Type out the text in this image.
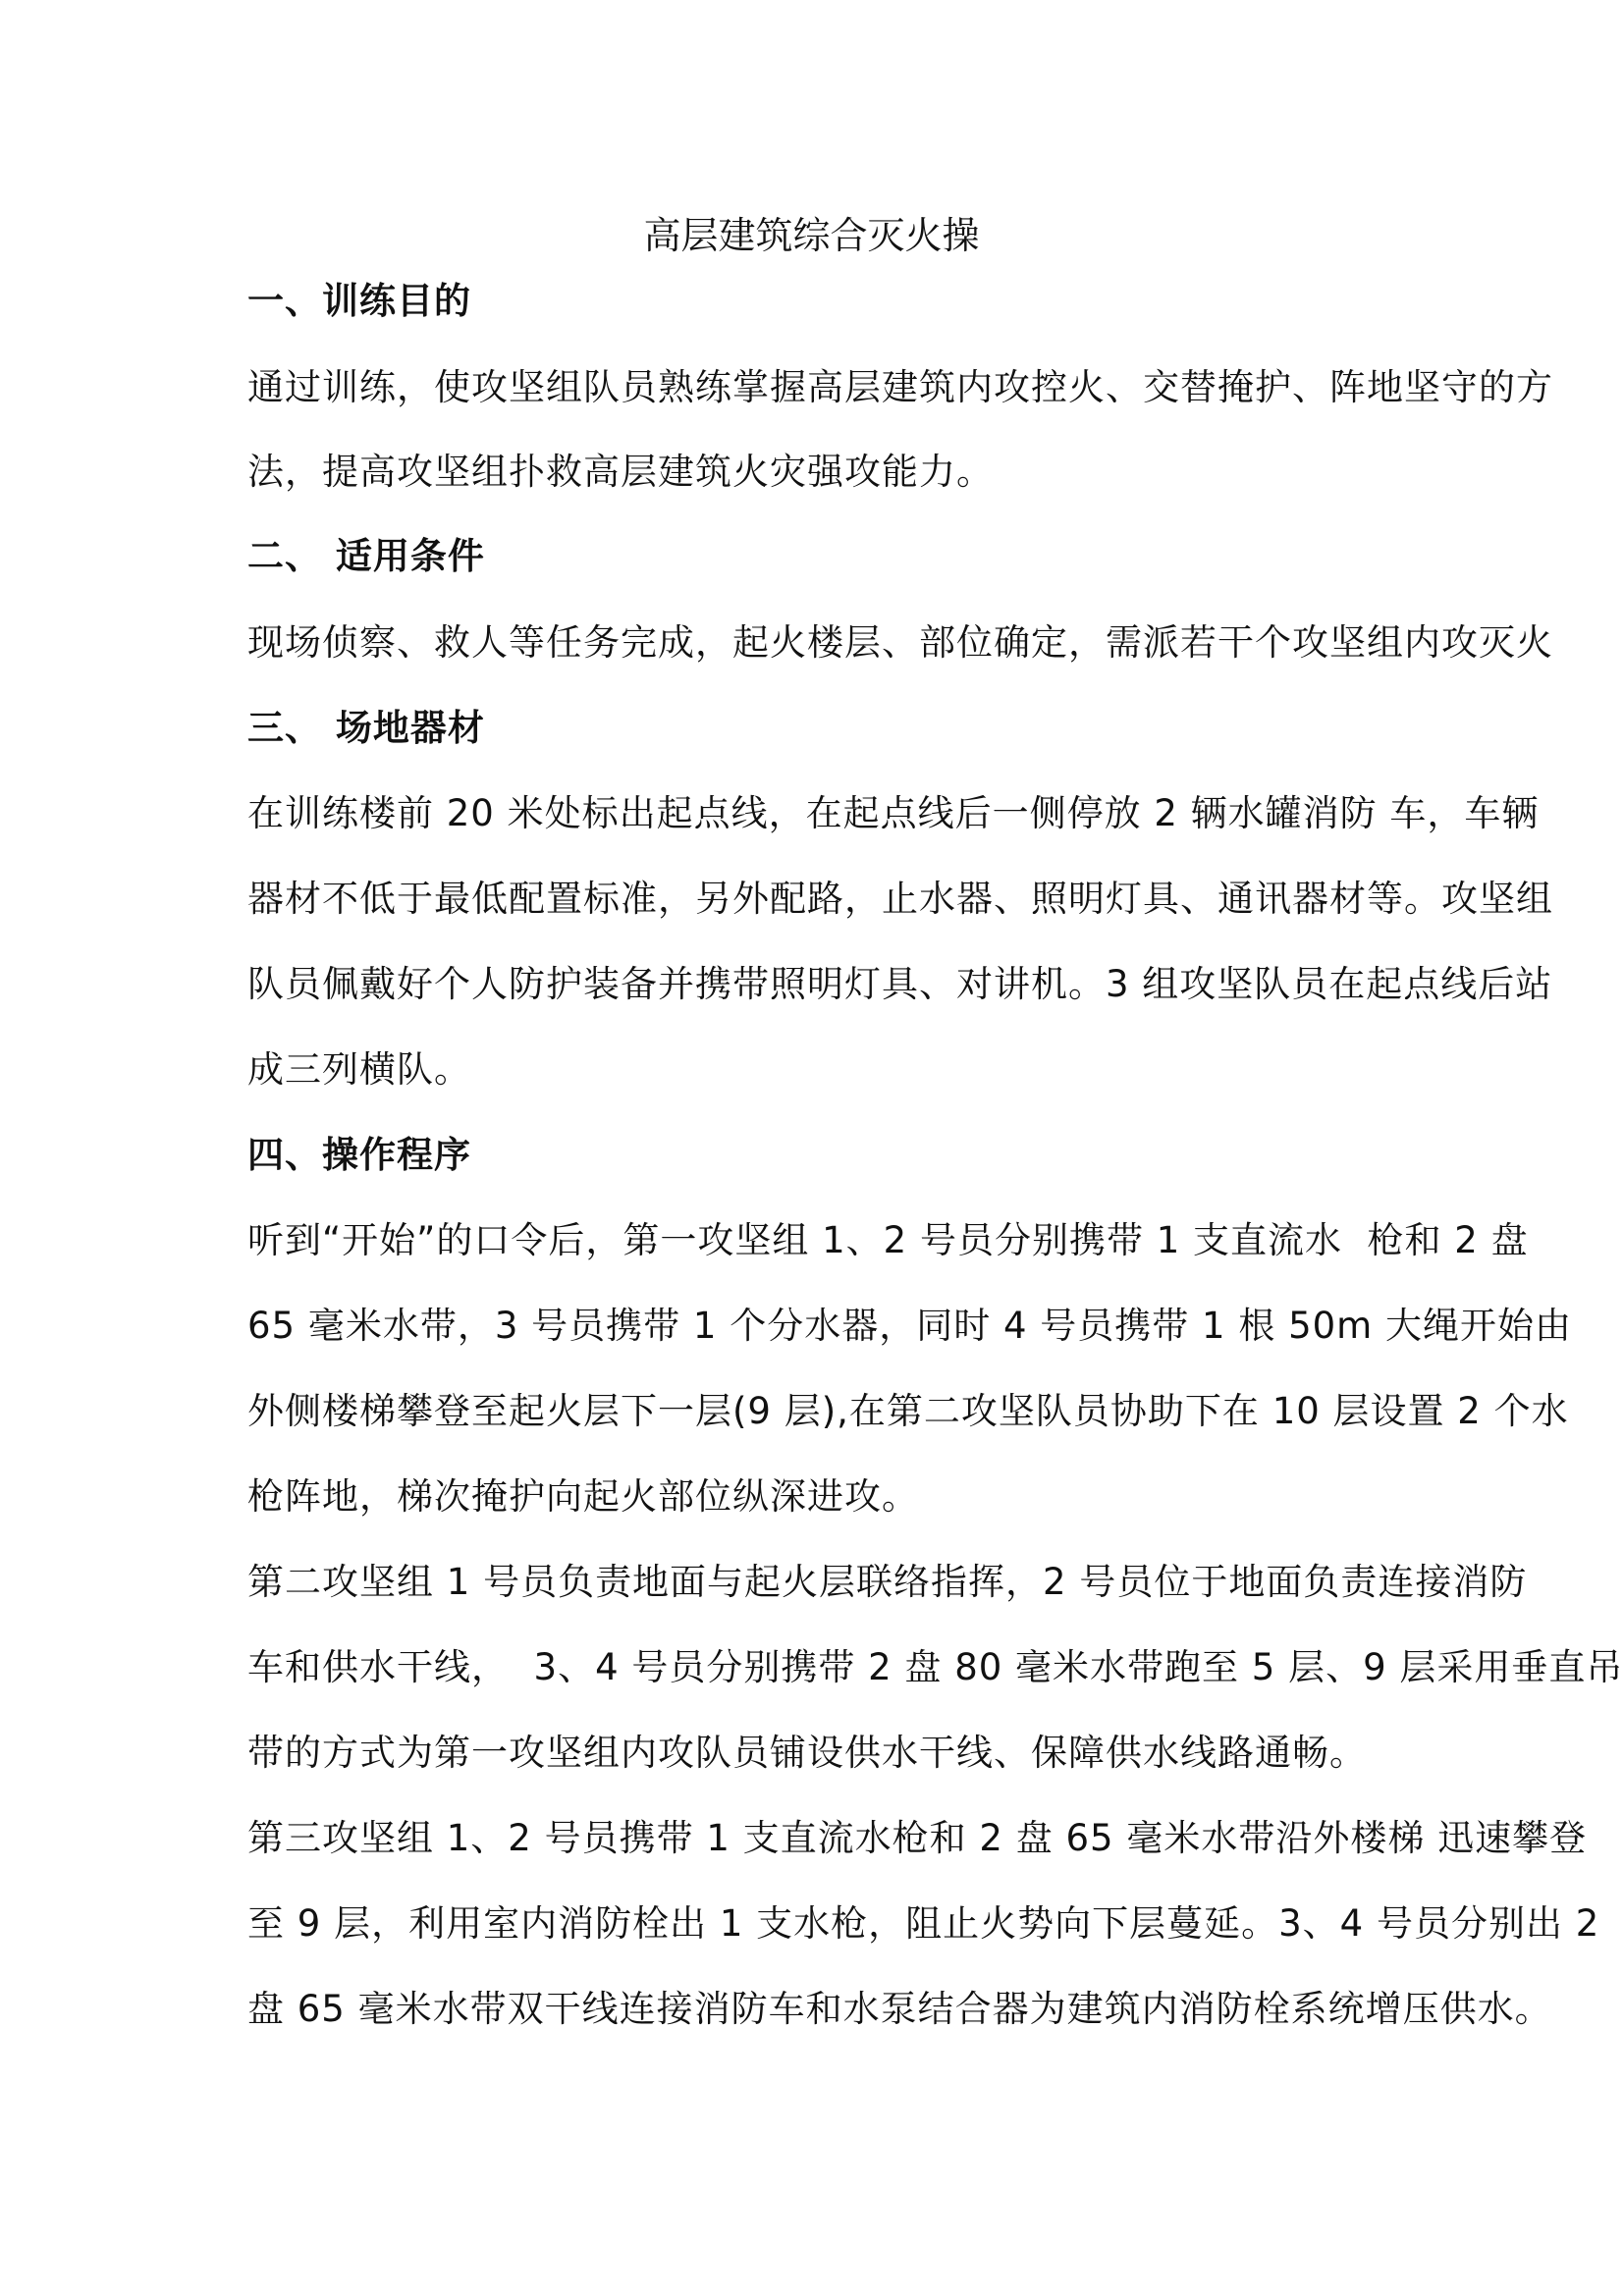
高层建筑综合灭火操
一、训练目的
通过训练，使攻坚组队员熟练掌握高层建筑内攻控火、交替掩护、阵地坚守的方
法，提高攻坚组扑救高层建筑火灾强攻能力。
二、 适用条件
现场侦察、救人等任务完成，起火楼层、部位确定，需派若干个攻坚组内攻灭火
三、 场地器材
在训练楼前 20 米处标出起点线，在起点线后一侧停放 2 辆水罐消防 车，车辆
器材不低于最低配置标准，另外配路，止水器、照明灯具、通讯器材等。攻坚组
队员佩戴好个人防护装备并携带照明灯具、对讲机。3 组攻坚队员在起点线后站
成三列横队。
四、操作程序
听到“开始”的口令后，第一攻坚组 1、2 号员分别携带 1 支直流水  枪和 2 盘
65 毫米水带，3 号员携带 1 个分水器，同时 4 号员携带 1 根 50m 大绳开始由
外侧楼梯攀登至起火层下一层(9 层),在第二攻坚队员协助下在 10 层设置 2 个水
枪阵地，梯次掩护向起火部位纵深进攻。
第二攻坚组 1 号员负责地面与起火层联络指挥，2 号员位于地面负责连接消防
车和供水干线，  3、4 号员分别携带 2 盘 80 毫米水带跑至 5 层、9 层采用垂直吊
带的方式为第一攻坚组内攻队员铺设供水干线、保障供水线路通畅。
第三攻坚组 1、2 号员携带 1 支直流水枪和 2 盘 65 毫米水带沿外楼梯 迅速攀登
至 9 层，利用室内消防栓出 1 支水枪，阻止火势向下层蔓延。3、4 号员分别出 2
盘 65 毫米水带双干线连接消防车和水泵结合器为建筑内消防栓系统增压供水。
